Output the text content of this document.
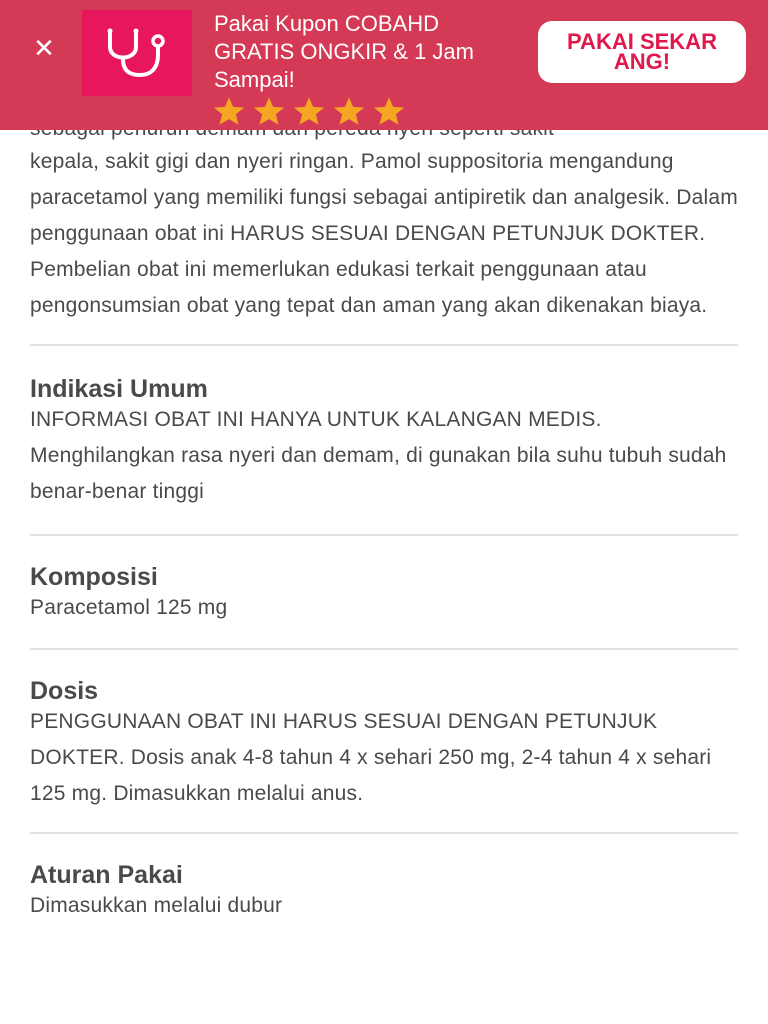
✕
Pakai Kupon COBAHD GRATIS ONGKIR & 1 Jam Sampai!
PAKAI SEKARANG!

kepala, sakit gigi dan nyeri ringan. Pamol suppositoria mengandung paracetamol yang memiliki fungsi sebagai antipiretik dan analgesik. Dalam penggunaan obat ini HARUS SESUAI DENGAN PETUNJUK DOKTER. Pembelian obat ini memerlukan edukasi terkait penggunaan atau pengonsumsian obat yang tepat dan aman yang akan dikenakan biaya.

Indikasi Umum

INFORMASI OBAT INI HANYA UNTUK KALANGAN MEDIS. Menghilangkan rasa nyeri dan demam, di gunakan bila suhu tubuh sudah benar-benar tinggi

Komposisi

Paracetamol 125 mg

Dosis

PENGGUNAAN OBAT INI HARUS SESUAI DENGAN PETUNJUK DOKTER. Dosis anak 4-8 tahun 4 x sehari 250 mg, 2-4 tahun 4 x sehari 125 mg. Dimasukkan melalui anus.

Aturan Pakai

Dimasukkan melalui dubur
